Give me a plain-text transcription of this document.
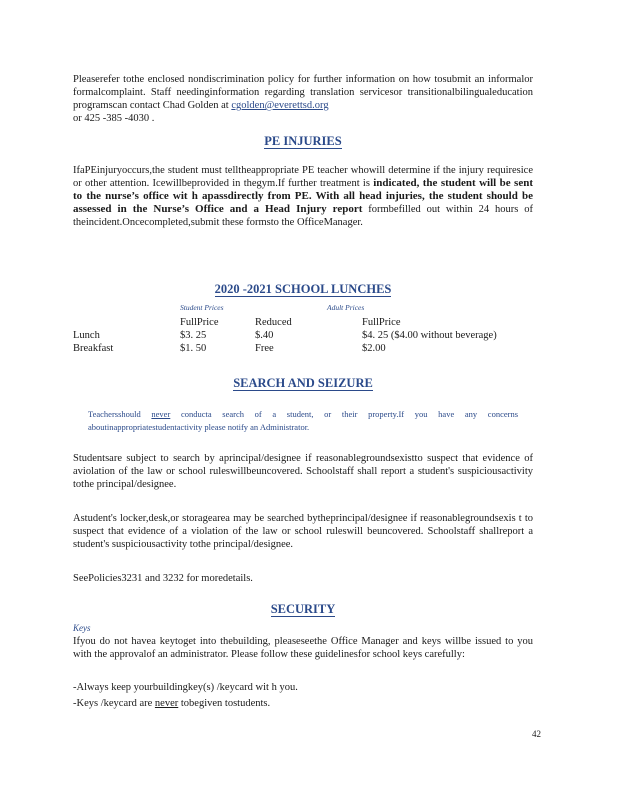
Pleaserefer tothe enclosed nondiscrimination policy for further information on how tosubmit an informalor formalcomplaint. Staff needinginformation regarding translation servicesor transitionalbilingualeducation programscan contact Chad Golden at cgolden@everettsd.org
or 425 -385 -4030 .
PE INJURIES
IfaPEinjuryoccurs,the student must telltheappropriate PE teacher whowill determine if the injury requiresice or other attention. Icewillbeprovided in thegym.If further treatment is indicated, the student will be sent to the nurse’s office wit h apassdirectly from PE. With all head injuries, the student should be assessed in the Nurse’s Office and a Head Injury report formbefilled out within 24 hours of theincident.Oncecompleted,submit these formsto the OfficeManager.
2020 -2021 SCHOOL LUNCHES
Student Prices	Adult Prices
	FullPrice	Reduced	FullPrice
Lunch	$3. 25	$.40	$4. 25 ($4.00 without beverage)
Breakfast	$1. 50	Free	$2.00
SEARCH AND SEIZURE
Teachersshould never conducta search of a student, or their property.If you have any concerns aboutinappropriatestudentactivity please notify an Administrator.
Studentsare subject to search by aprincipal/designee if reasonablegroundsexistto suspect that evidence of aviolation of the law or school ruleswillbeuncovered. Schoolstaff shall report a student's suspiciousactivity tothe principal/designee.
Astudent's locker,desk,or storagearea may be searched bytheprincipal/designee if reasonablegroundsexis t to suspect that evidence of a violation of the law or school ruleswill beuncovered. Schoolstaff shallreport a student's suspiciousactivity tothe principal/designee.
SeePolicies3231 and 3232 for moredetails.
SECURITY
Keys
Ifyou do not havea keytoget into thebuilding, pleaseseethe Office Manager and keys willbe issued to you with the approvalof an administrator. Please follow these guidelinesfor school keys carefully:
-Always keep yourbuildingkey(s) /keycard wit h you.
-Keys /keycard are never tobegiven tostudents.
42
